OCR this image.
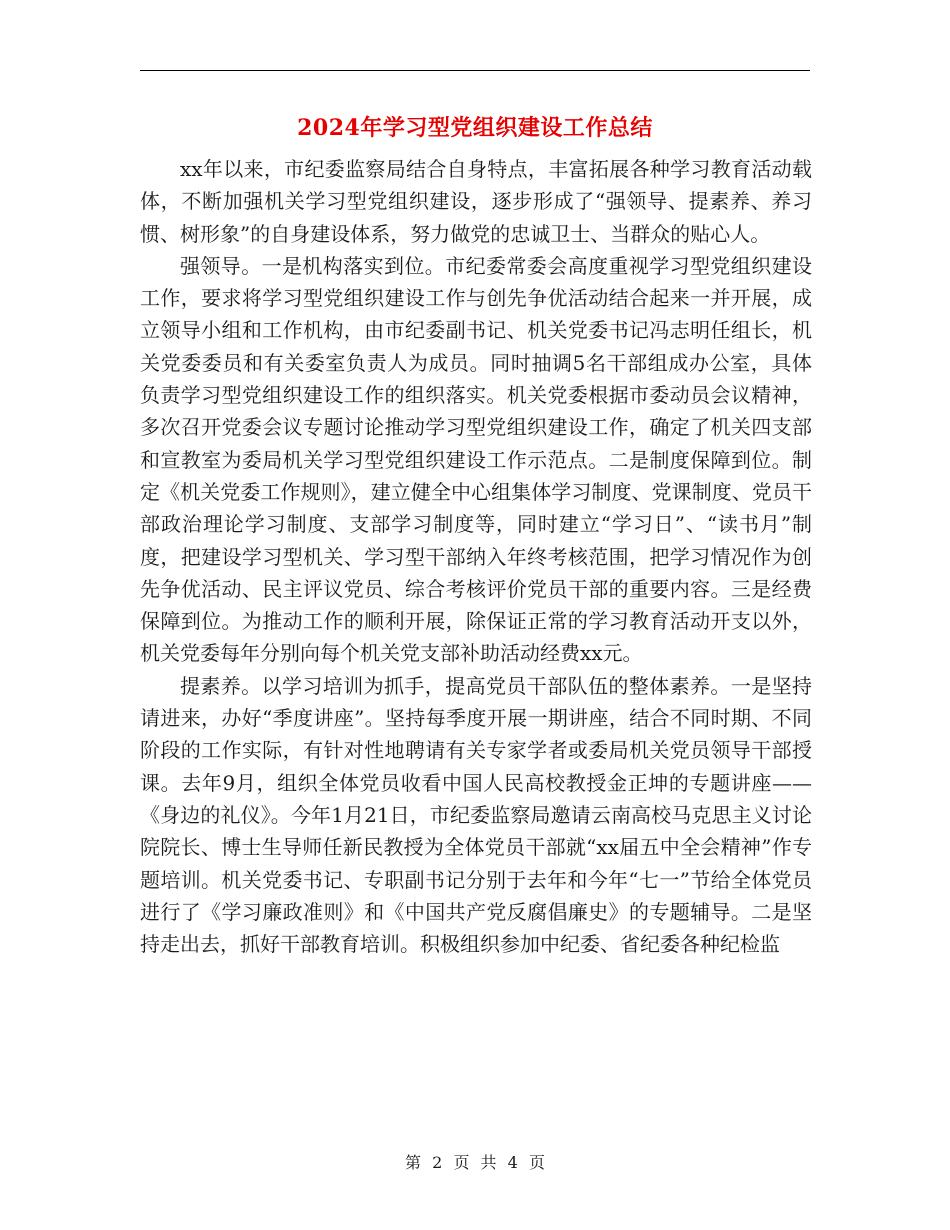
2024年学习型党组织建设工作总结

xx年以来，市纪委监察局结合自身特点，丰富拓展各种学习教育活动载体，不断加强机关学习型党组织建设，逐步形成了“强领导、提素养、养习惯、树形象”的自身建设体系，努力做党的忠诚卫士、当群众的贴心人。

强领导。一是机构落实到位。市纪委常委会高度重视学习型党组织建设工作，要求将学习型党组织建设工作与创先争优活动结合起来一并开展，成立领导小组和工作机构，由市纪委副书记、机关党委书记冯志明任组长，机关党委委员和有关委室负责人为成员。同时抽调5名干部组成办公室，具体负责学习型党组织建设工作的组织落实。机关党委根据市委动员会议精神，多次召开党委会议专题讨论推动学习型党组织建设工作，确定了机关四支部和宣教室为委局机关学习型党组织建设工作示范点。二是制度保障到位。制定《机关党委工作规则》，建立健全中心组集体学习制度、党课制度、党员干部政治理论学习制度、支部学习制度等，同时建立“学习日”、“读书月”制度，把建设学习型机关、学习型干部纳入年终考核范围，把学习情况作为创先争优活动、民主评议党员、综合考核评价党员干部的重要内容。三是经费保障到位。为推动工作的顺利开展，除保证正常的学习教育活动开支以外，机关党委每年分别向每个机关党支部补助活动经费xx元。

提素养。以学习培训为抓手，提高党员干部队伍的整体素养。一是坚持请进来，办好“季度讲座”。坚持每季度开展一期讲座，结合不同时期、不同阶段的工作实际，有针对性地聘请有关专家学者或委局机关党员领导干部授课。去年9月，组织全体党员收看中国人民高校教授金正坤的专题讲座——《身边的礼仪》。今年1月21日，市纪委监察局邀请云南高校马克思主义讨论院院长、博士生导师任新民教授为全体党员干部就“xx届五中全会精神”作专题培训。机关党委书记、专职副书记分别于去年和今年“七一”节给全体党员进行了《学习廉政准则》和《中国共产党反腐倡廉史》的专题辅导。二是坚持走出去，抓好干部教育培训。积极组织参加中纪委、省纪委各种纪检监

第 2 页 共 4 页
